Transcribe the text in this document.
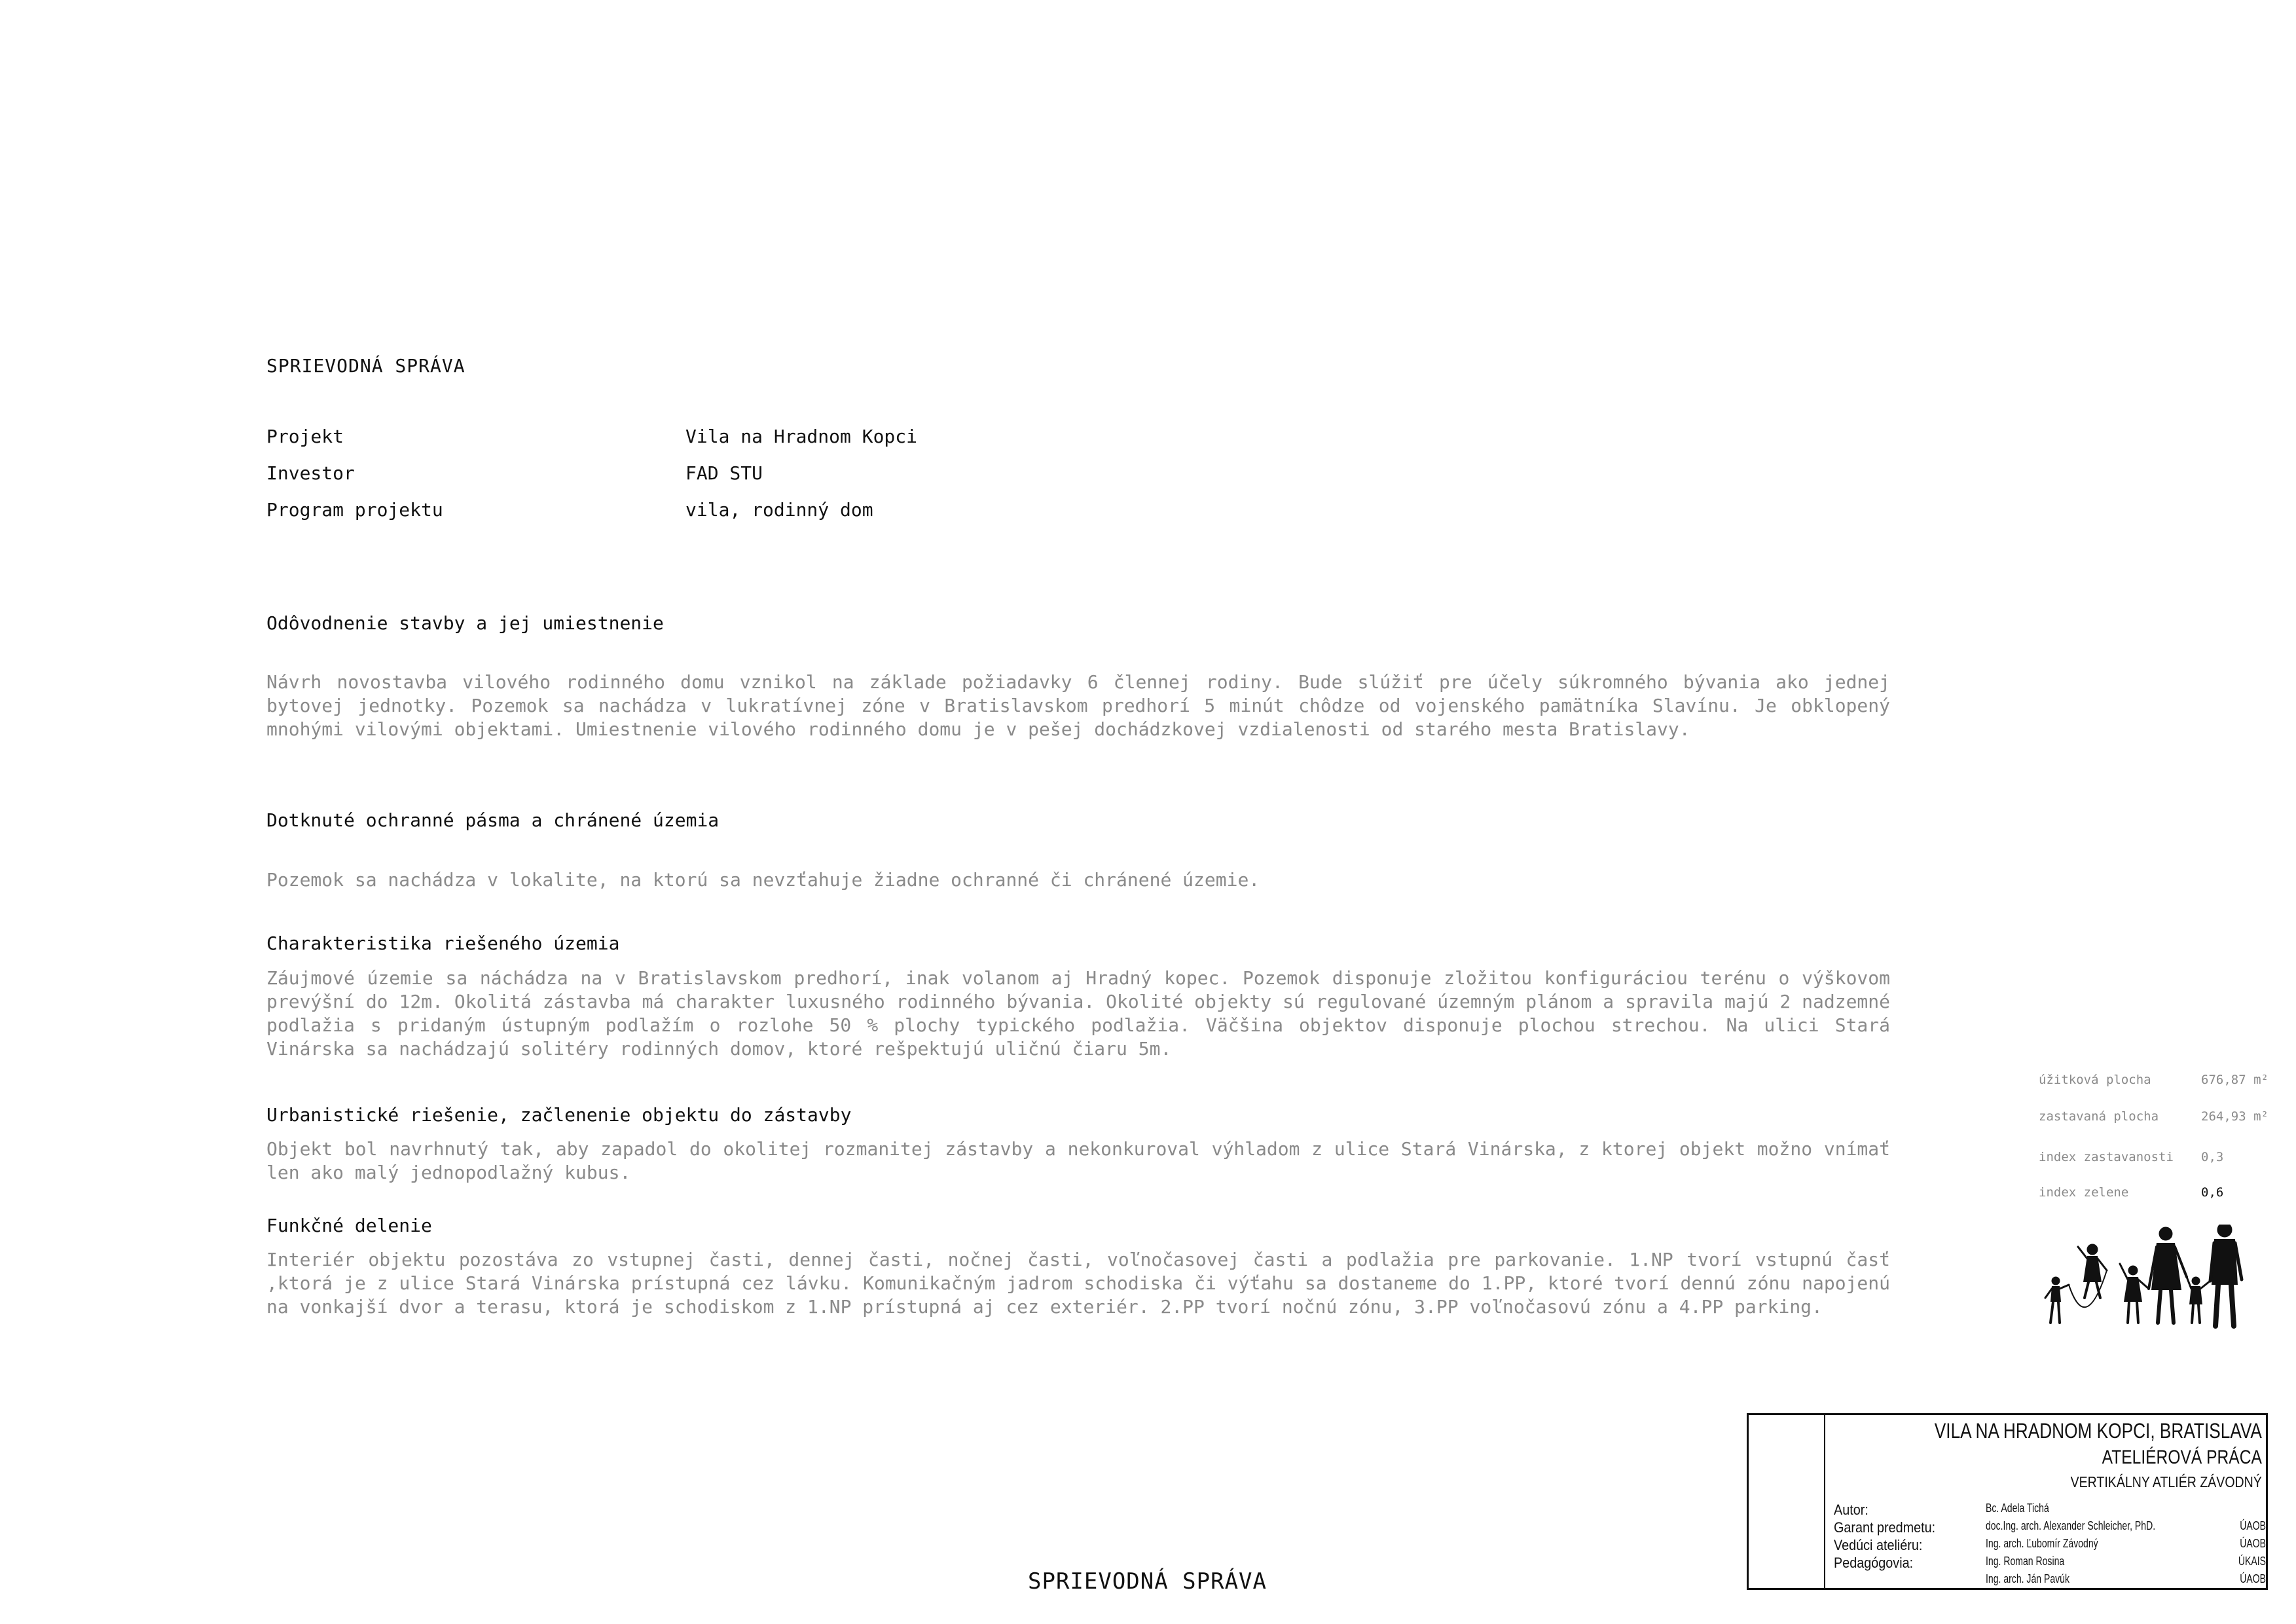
SPRIEVODNÁ SPRÁVA
Projekt	Vila na Hradnom Kopci
Investor	FAD STU
Program projektu	vila, rodinný dom
Odôvodnenie stavby a jej umiestnenie

Návrh novostavba vilového rodinného domu vznikol na základe požiadavky 6 člennej rodiny. Bude slúžiť pre účely súkromného bývania ako jednej bytovej jednotky. Pozemok sa nachádza v lukratívnej zóne v Bratislavskom predhorí 5 minút chôdze od vojenského pamätníka Slavínu. Je obklopený mnohými vilovými objektami. Umiestnenie vilového rodinného domu je v pešej dochádzkovej vzdialenosti od starého mesta Bratislavy.

Dotknuté ochranné pásma a chránené územia

Pozemok sa nachádza v lokalite, na ktorú sa nevzťahuje žiadne ochranné či chránené územie.

Charakteristika riešeného územia

Záujmové územie sa náchádza na v Bratislavskom predhorí, inak volanom aj Hradný kopec. Pozemok disponuje zložitou konfiguráciou terénu o výškovom prevýšní do 12m. Okolitá zástavba má charakter luxusného rodinného bývania. Okolité objekty sú regulované územným plánom a spravila majú 2 nadzemné podlažia s pridaným ústupným podlažím o rozlohe 50 % plochy typického podlažia. Väčšina objektov disponuje plochou strechou. Na ulici Stará Vinárska sa nachádzajú solitéry rodinných domov, ktoré rešpektujú uličnú čiaru 5m.

Urbanistické riešenie, začlenenie objektu do zástavby

Objekt bol navrhnutý tak, aby zapadol do okolitej rozmanitej zástavby a nekonkuroval výhladom z ulice Stará Vinárska, z ktorej objekt možno vnímať len ako malý jednopodlažný kubus.

Funkčné delenie

Interiér objektu pozostáva zo vstupnej časti, dennej časti, nočnej časti, voľnočasovej časti a podlažia pre parkovanie. 1.NP tvorí vstupnú časť ,ktorá je z ulice Stará Vinárska prístupná cez lávku. Komunikačným jadrom schodiska či výťahu sa dostaneme do 1.PP, ktoré tvorí dennú zónu napojenú na vonkajší dvor a terasu, ktorá je schodiskom z 1.NP prístupná aj cez exteriér. 2.PP tvorí nočnú zónu, 3.PP voľnočasovú zónu a 4.PP parking.

úžitková plocha	676,87 m²
zastavaná plocha	264,93 m²
index zastavanosti 0,3
index zelene	0,6
VILA NA HRADNOM KOPCI, BRATISLAVA
ATELIÉROVÁ PRÁCA
VERTIKÁLNY ATLIÉR ZÁVODNÝ
Autor:	Bc. Adela Tichá
Garant predmetu:	doc.Ing. arch. Alexander Schleicher, PhD.	ÚAOB
Vedúci ateliéru:	Ing. arch. Ľubomír Závodný	ÚAOB
Pedagógovia:	Ing. Roman Rosina	ÚKAIS
Ing. arch. Ján Pavúk	ÚAOB
SPRIEVODNÁ SPRÁVA
